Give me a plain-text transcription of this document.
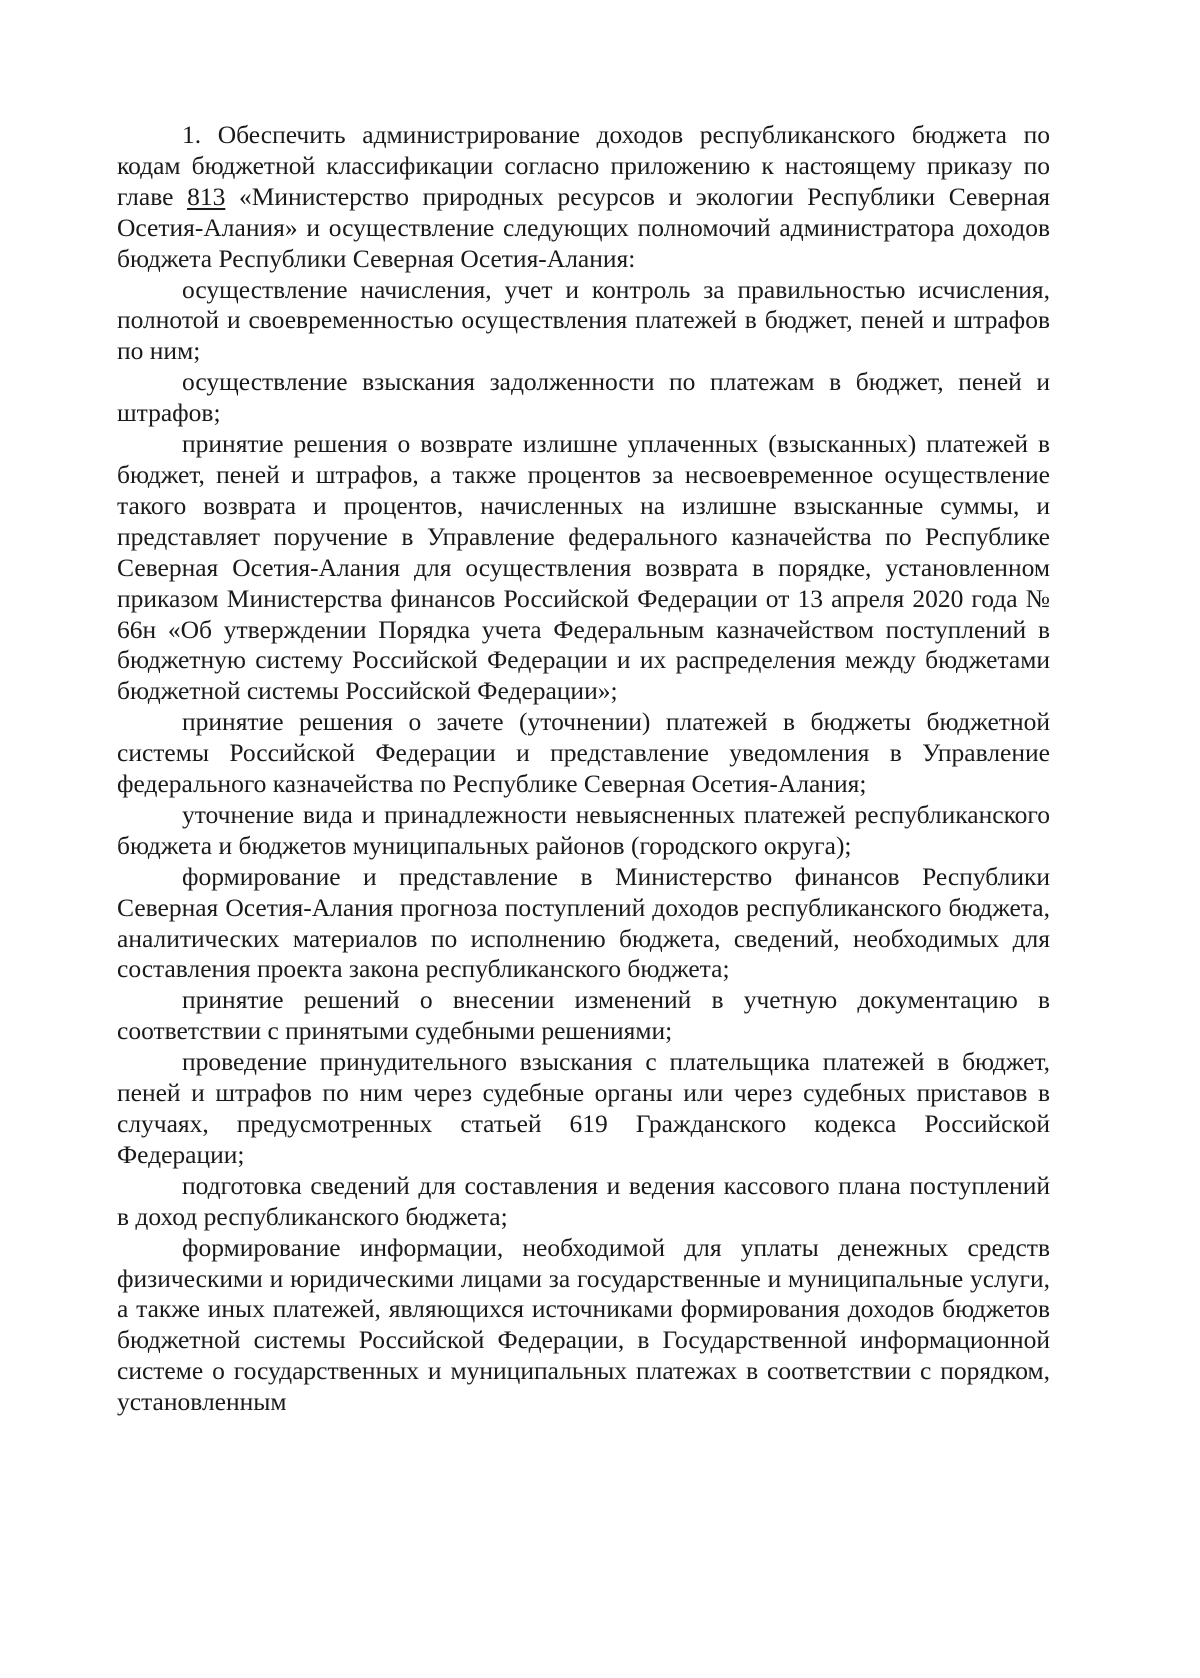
1. Обеспечить администрирование доходов республиканского бюджета по кодам бюджетной классификации согласно приложению к настоящему приказу по главе 813 «Министерство природных ресурсов и экологии Республики Северная Осетия-Алания» и осуществление следующих полномочий администратора доходов бюджета Республики Северная Осетия-Алания:

осуществление начисления, учет и контроль за правильностью исчисления, полнотой и своевременностью осуществления платежей в бюджет, пеней и штрафов по ним;

осуществление взыскания задолженности по платежам в бюджет, пеней и штрафов;

принятие решения о возврате излишне уплаченных (взысканных) платежей в бюджет, пеней и штрафов, а также процентов за несвоевременное осуществление такого возврата и процентов, начисленных на излишне взысканные суммы, и представляет поручение в Управление федерального казначейства по Республике Северная Осетия-Алания для осуществления возврата в порядке, установленном приказом Министерства финансов Российской Федерации от 13 апреля 2020 года № 66н «Об утверждении Порядка учета Федеральным казначейством поступлений в бюджетную систему Российской Федерации и их распределения между бюджетами бюджетной системы Российской Федерации»;

принятие решения о зачете (уточнении) платежей в бюджеты бюджетной системы Российской Федерации и представление уведомления в Управление федерального казначейства по Республике Северная Осетия-Алания;

уточнение вида и принадлежности невыясненных платежей республиканского бюджета и бюджетов муниципальных районов (городского округа);

формирование и представление в Министерство финансов Республики Северная Осетия-Алания прогноза поступлений доходов республиканского бюджета, аналитических материалов по исполнению бюджета, сведений, необходимых для составления проекта закона республиканского бюджета;

принятие решений о внесении изменений в учетную документацию в соответствии с принятыми судебными решениями;

проведение принудительного взыскания с плательщика платежей в бюджет, пеней и штрафов по ним через судебные органы или через судебных приставов в случаях, предусмотренных статьей 619 Гражданского кодекса Российской Федерации;

подготовка сведений для составления и ведения кассового плана поступлений в доход республиканского бюджета;

формирование информации, необходимой для уплаты денежных средств физическими и юридическими лицами за государственные и муниципальные услуги, а также иных платежей, являющихся источниками формирования доходов бюджетов бюджетной системы Российской Федерации, в Государственной информационной системе о государственных и муниципальных платежах в соответствии с порядком, установленным
